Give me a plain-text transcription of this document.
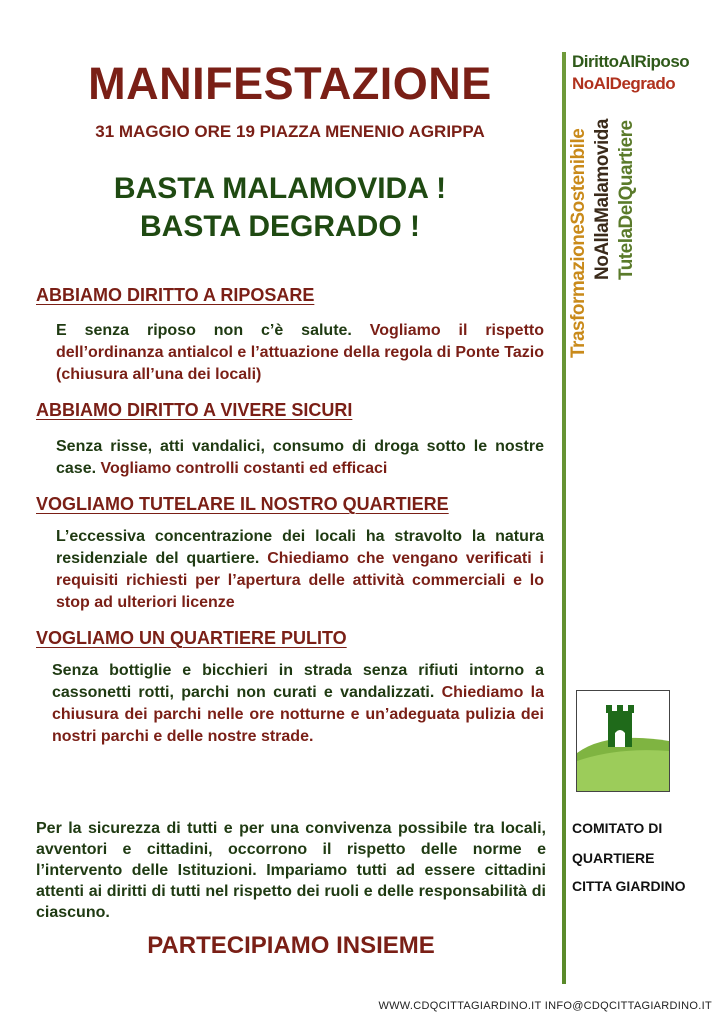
MANIFESTAZIONE
31 MAGGIO ORE 19 PIAZZA MENENIO AGRIPPA
BASTA MALAMOVIDA !
BASTA DEGRADO !
ABBIAMO DIRITTO A RIPOSARE
E senza riposo non c’è salute. Vogliamo il rispetto dell’ordinanza antialcol e l’attuazione della regola di Ponte Tazio (chiusura all’una dei locali)
ABBIAMO DIRITTO A VIVERE SICURI
Senza risse, atti vandalici, consumo di droga sotto le nostre case. Vogliamo controlli costanti ed efficaci
VOGLIAMO TUTELARE IL NOSTRO QUARTIERE
L’eccessiva concentrazione dei locali ha stravolto la natura residenziale del quartiere. Chiediamo che vengano verificati i requisiti richiesti per l’apertura delle attività commerciali e lo stop ad ulteriori licenze
VOGLIAMO UN QUARTIERE PULITO
Senza bottiglie e bicchieri in strada senza rifiuti intorno a cassonetti rotti, parchi non curati e vandalizzati. Chiediamo la chiusura dei parchi nelle ore notturne e un’adeguata pulizia dei nostri parchi e delle nostre strade.
Per la sicurezza di tutti e per una convivenza possibile tra locali, avventori e cittadini, occorrono il rispetto delle norme e l’intervento delle Istituzioni. Impariamo tutti ad essere cittadini attenti ai diritti di tutti nel rispetto dei ruoli e delle responsabilità di ciascuno.
PARTECIPIAMO INSIEME
DirittoAlRiposo
NoAlDegrado
TrasformazioneSostenibile NoAllaMalamovida TutelaDelQuartiere
COMITATO DI
QUARTIERE
CITTA GIARDINO
WWW.CDQCITTAGIARDINO.IT INFO@CDQCITTAGIARDINO.IT
